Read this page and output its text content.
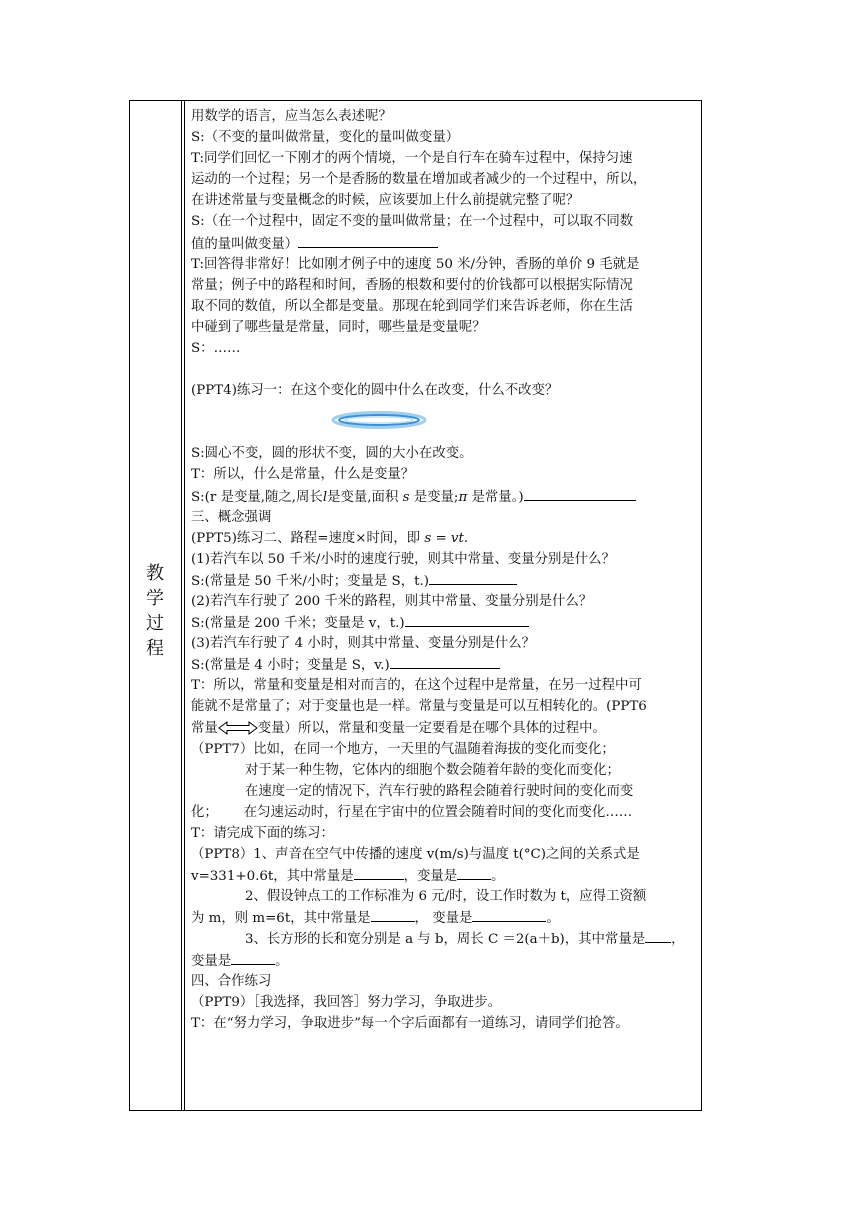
教
学
过
程
用数学的语言，应当怎么表述呢？
S:（不变的量叫做常量，变化的量叫做变量）
T:同学们回忆一下刚才的两个情境，一个是自行车在骑车过程中，保持匀速
运动的一个过程；另一个是香肠的数量在增加或者减少的一个过程中，所以，
在讲述常量与变量概念的时候，应该要加上什么前提就完整了呢？
S:（在一个过程中，固定不变的量叫做常量；在一个过程中，可以取不同数
值的量叫做变量）
T:回答得非常好！比如刚才例子中的速度 50 米/分钟，香肠的单价 9 毛就是
常量；例子中的路程和时间，香肠的根数和要付的价钱都可以根据实际情况
取不同的数值，所以全都是变量。那现在轮到同学们来告诉老师，你在生活
中碰到了哪些量是常量，同时，哪些量是变量呢？
S：……
(PPT4)练习一：在这个变化的圆中什么在改变，什么不改变？
S:圆心不变，圆的形状不变，圆的大小在改变。
T：所以，什么是常量，什么是变量？
S:(r 是变量,随之,周长l是变量,面积 s 是变量;π 是常量。)
三、概念强调
(PPT5)练习二、路程=速度×时间，即 s = vt.
(1)若汽车以 50 千米/小时的速度行驶，则其中常量、变量分别是什么？
S:(常量是 50 千米/小时；变量是 S，t.)
(2)若汽车行驶了 200 千米的路程，则其中常量、变量分别是什么？
S:(常量是 200 千米；变量是 v，t.)
(3)若汽车行驶了 4 小时，则其中常量、变量分别是什么？
S:(常量是 4 小时；变量是 S，v.)
T：所以，常量和变量是相对而言的，在这个过程中是常量，在另一过程中可
能就不是常量了；对于变量也是一样。常量与变量是可以互相转化的。(PPT6
常量	变量）所以，常量和变量一定要看是在哪个具体的过程中。
（PPT7）比如，在同一个地方，一天里的气温随着海拔的变化而变化；
对于某一种生物，它体内的细胞个数会随着年龄的变化而变化；
在速度一定的情况下，汽车行驶的路程会随着行驶时间的变化而变
化； 在匀速运动时，行星在宇宙中的位置会随着时间的变化而变化……
T：请完成下面的练习：
（PPT8）1、声音在空气中传播的速度 v(m/s)与温度 t(°C)之间的关系式是
v=331+0.6t，其中常量是	，变量是	。
2、假设钟点工的工作标准为 6 元/时，设工作时数为 t，应得工资额
为 m，则 m=6t，其中常量是	， 变量是	。
3、长方形的长和宽分别是 a 与 b，周长 C ＝2(a＋b)，其中常量是 ，
变量是	。
四、合作练习
（PPT9）［我选择，我回答］努力学习，争取进步。
T：在“努力学习，争取进步”每一个字后面都有一道练习，请同学们抢答。
